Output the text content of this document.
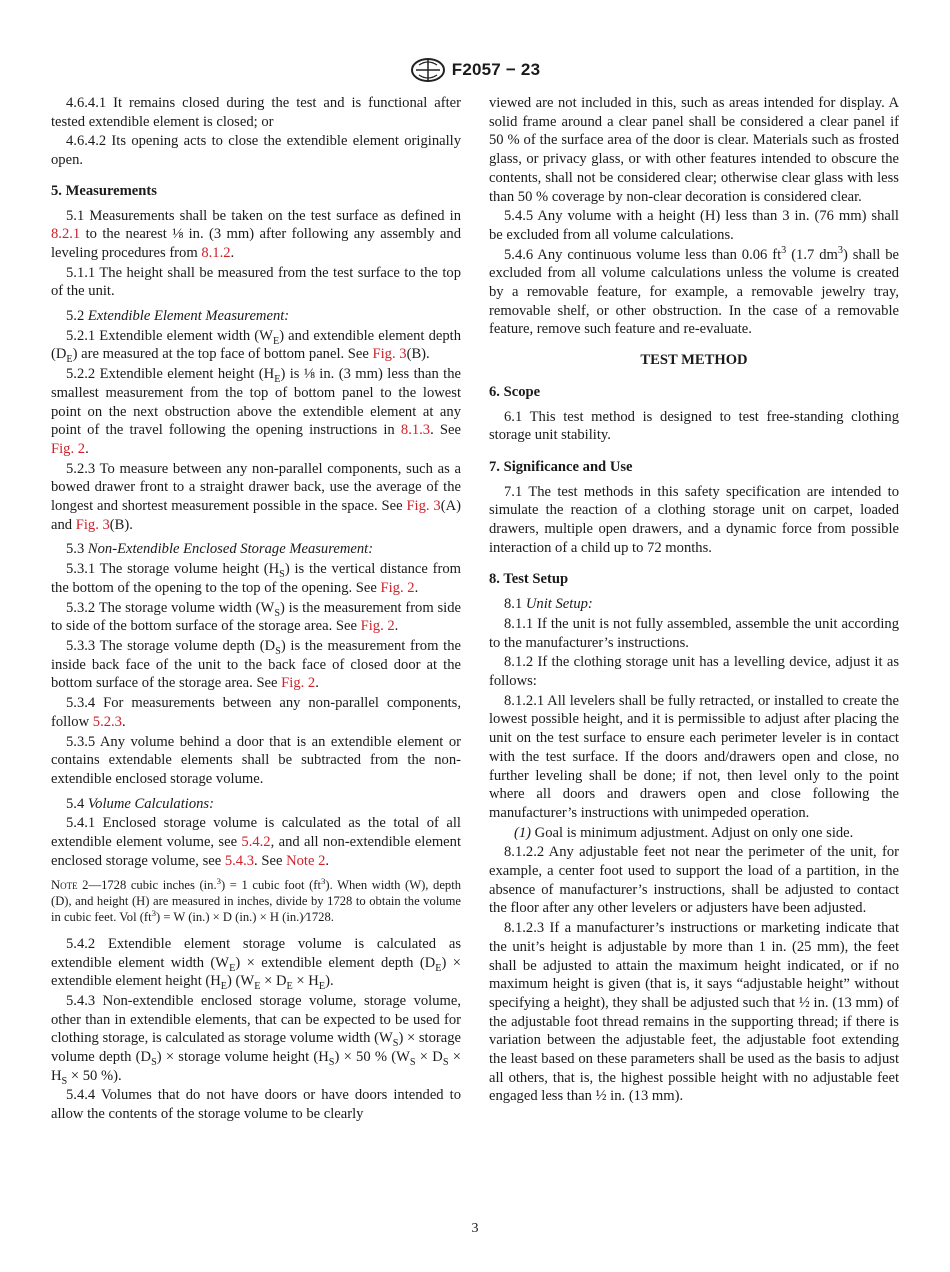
F2057 − 23

4.6.4.1 It remains closed during the test and is functional after tested extendible element is closed; or

4.6.4.2 Its opening acts to close the extendible element originally open.

5. Measurements

5.1 Measurements shall be taken on the test surface as defined in 8.2.1 to the nearest ⅛ in. (3 mm) after following any assembly and leveling procedures from 8.1.2.

5.1.1 The height shall be measured from the test surface to the top of the unit.

5.2 Extendible Element Measurement:

5.2.1 Extendible element width $(W_E)$ and extendible element depth $(D_E)$ are measured at the top face of bottom panel. See Fig. 3(B).

5.2.2 Extendible element height $(H_E)$ is ⅛ in. (3 mm) less than the smallest measurement from the top of bottom panel to the lowest point on the next obstruction above the extendible element at any point of the travel following the opening instructions in 8.1.3. See Fig. 2.

5.2.3 To measure between any non-parallel components, such as a bowed drawer front to a straight drawer back, use the average of the longest and shortest measurement possible in the space. See Fig. 3(A) and Fig. 3(B).

5.3 Non-Extendible Enclosed Storage Measurement:

5.3.1 The storage volume height $(H_S)$ is the vertical distance from the bottom of the opening to the top of the opening. See Fig. 2.

5.3.2 The storage volume width $(W_S)$ is the measurement from side to side of the bottom surface of the storage area. See Fig. 2.

5.3.3 The storage volume depth $(D_S)$ is the measurement from the inside back face of the unit to the back face of closed door at the bottom surface of the storage area. See Fig. 2.

5.3.4 For measurements between any non-parallel components, follow 5.2.3.

5.3.5 Any volume behind a door that is an extendible element or contains extendable elements shall be subtracted from the non-extendible enclosed storage volume.

5.4 Volume Calculations:

5.4.1 Enclosed storage volume is calculated as the total of all extendible element volume, see 5.4.2, and all non-extendible element enclosed storage volume, see 5.4.3. See Note 2.

Note 2—1728 cubic inches (in.$^3$) = 1 cubic foot $(ft^3)$. When width (W), depth (D), and height (H) are measured in inches, divide by 1728 to obtain the volume in cubic feet. Vol $(ft^3) = W$ (in.) × D (in.) × H (in.)⁄1728.

5.4.2 Extendible element storage volume is calculated as extendible element width $(W_E)$ × extendible element depth $(D_E)$ × extendible element height $(H_E) (W_E \times D_E \times H_E)$.

5.4.3 Non-extendible enclosed storage volume, storage volume, other than in extendible elements, that can be expected to be used for clothing storage, is calculated as storage volume width $(W_S)$ × storage volume depth $(D_S)$ × storage volume height $(H_S) \times 50$ % ($W_S \times D_S \times H_S \times 50$ %).

5.4.4 Volumes that do not have doors or have doors intended to allow the contents of the storage volume to be clearly

viewed are not included in this, such as areas intended for display. A solid frame around a clear panel shall be considered a clear panel if 50 % of the surface area of the door is clear. Materials such as frosted glass, or privacy glass, or with other features intended to obscure the contents, shall not be considered clear; otherwise clear glass with less than 50 % coverage by non-clear decoration is considered clear.

5.4.5 Any volume with a height (H) less than 3 in. (76 mm) shall be excluded from all volume calculations.

5.4.6 Any continuous volume less than 0.06 $ft^3$ (1.7 $dm^3$) shall be excluded from all volume calculations unless the volume is created by a removable feature, for example, a removable jewelry tray, removable shelf, or other obstruction. In the case of a removable feature, remove such feature and re-evaluate.

TEST METHOD

6. Scope

6.1 This test method is designed to test free-standing clothing storage unit stability.

7. Significance and Use

7.1 The test methods in this safety specification are intended to simulate the reaction of a clothing storage unit on carpet, loaded drawers, multiple open drawers, and a dynamic force from possible interaction of a child up to 72 months.

8. Test Setup

8.1 Unit Setup:

8.1.1 If the unit is not fully assembled, assemble the unit according to the manufacturer’s instructions.

8.1.2 If the clothing storage unit has a levelling device, adjust it as follows:

8.1.2.1 All levelers shall be fully retracted, or installed to create the lowest possible height, and it is permissible to adjust after placing the unit on the test surface to ensure each perimeter leveler is in contact with the test surface. If the doors and/drawers open and close, no further leveling shall be done; if not, then level only to the point where all doors and drawers open and close following the manufacturer’s instructions with unimpeded operation.

(1) Goal is minimum adjustment. Adjust on only one side.

8.1.2.2 Any adjustable feet not near the perimeter of the unit, for example, a center foot used to support the load of a partition, in the absence of manufacturer’s instructions, shall be adjusted to contact the floor after any other levelers or adjusters have been adjusted.

8.1.2.3 If a manufacturer’s instructions or marketing indicate that the unit’s height is adjustable by more than 1 in. (25 mm), the feet shall be adjusted to attain the maximum height indicated, or if no maximum height is given (that is, it says “adjustable height” without specifying a height), they shall be adjusted such that ½ in. (13 mm) of the adjustable foot thread remains in the supporting thread; if there is variation between the adjustable feet, the adjustable foot extending the least based on these parameters shall be used as the basis to adjust all others, that is, the highest possible height with no adjustable feet engaged less than ½ in. (13 mm).

3
